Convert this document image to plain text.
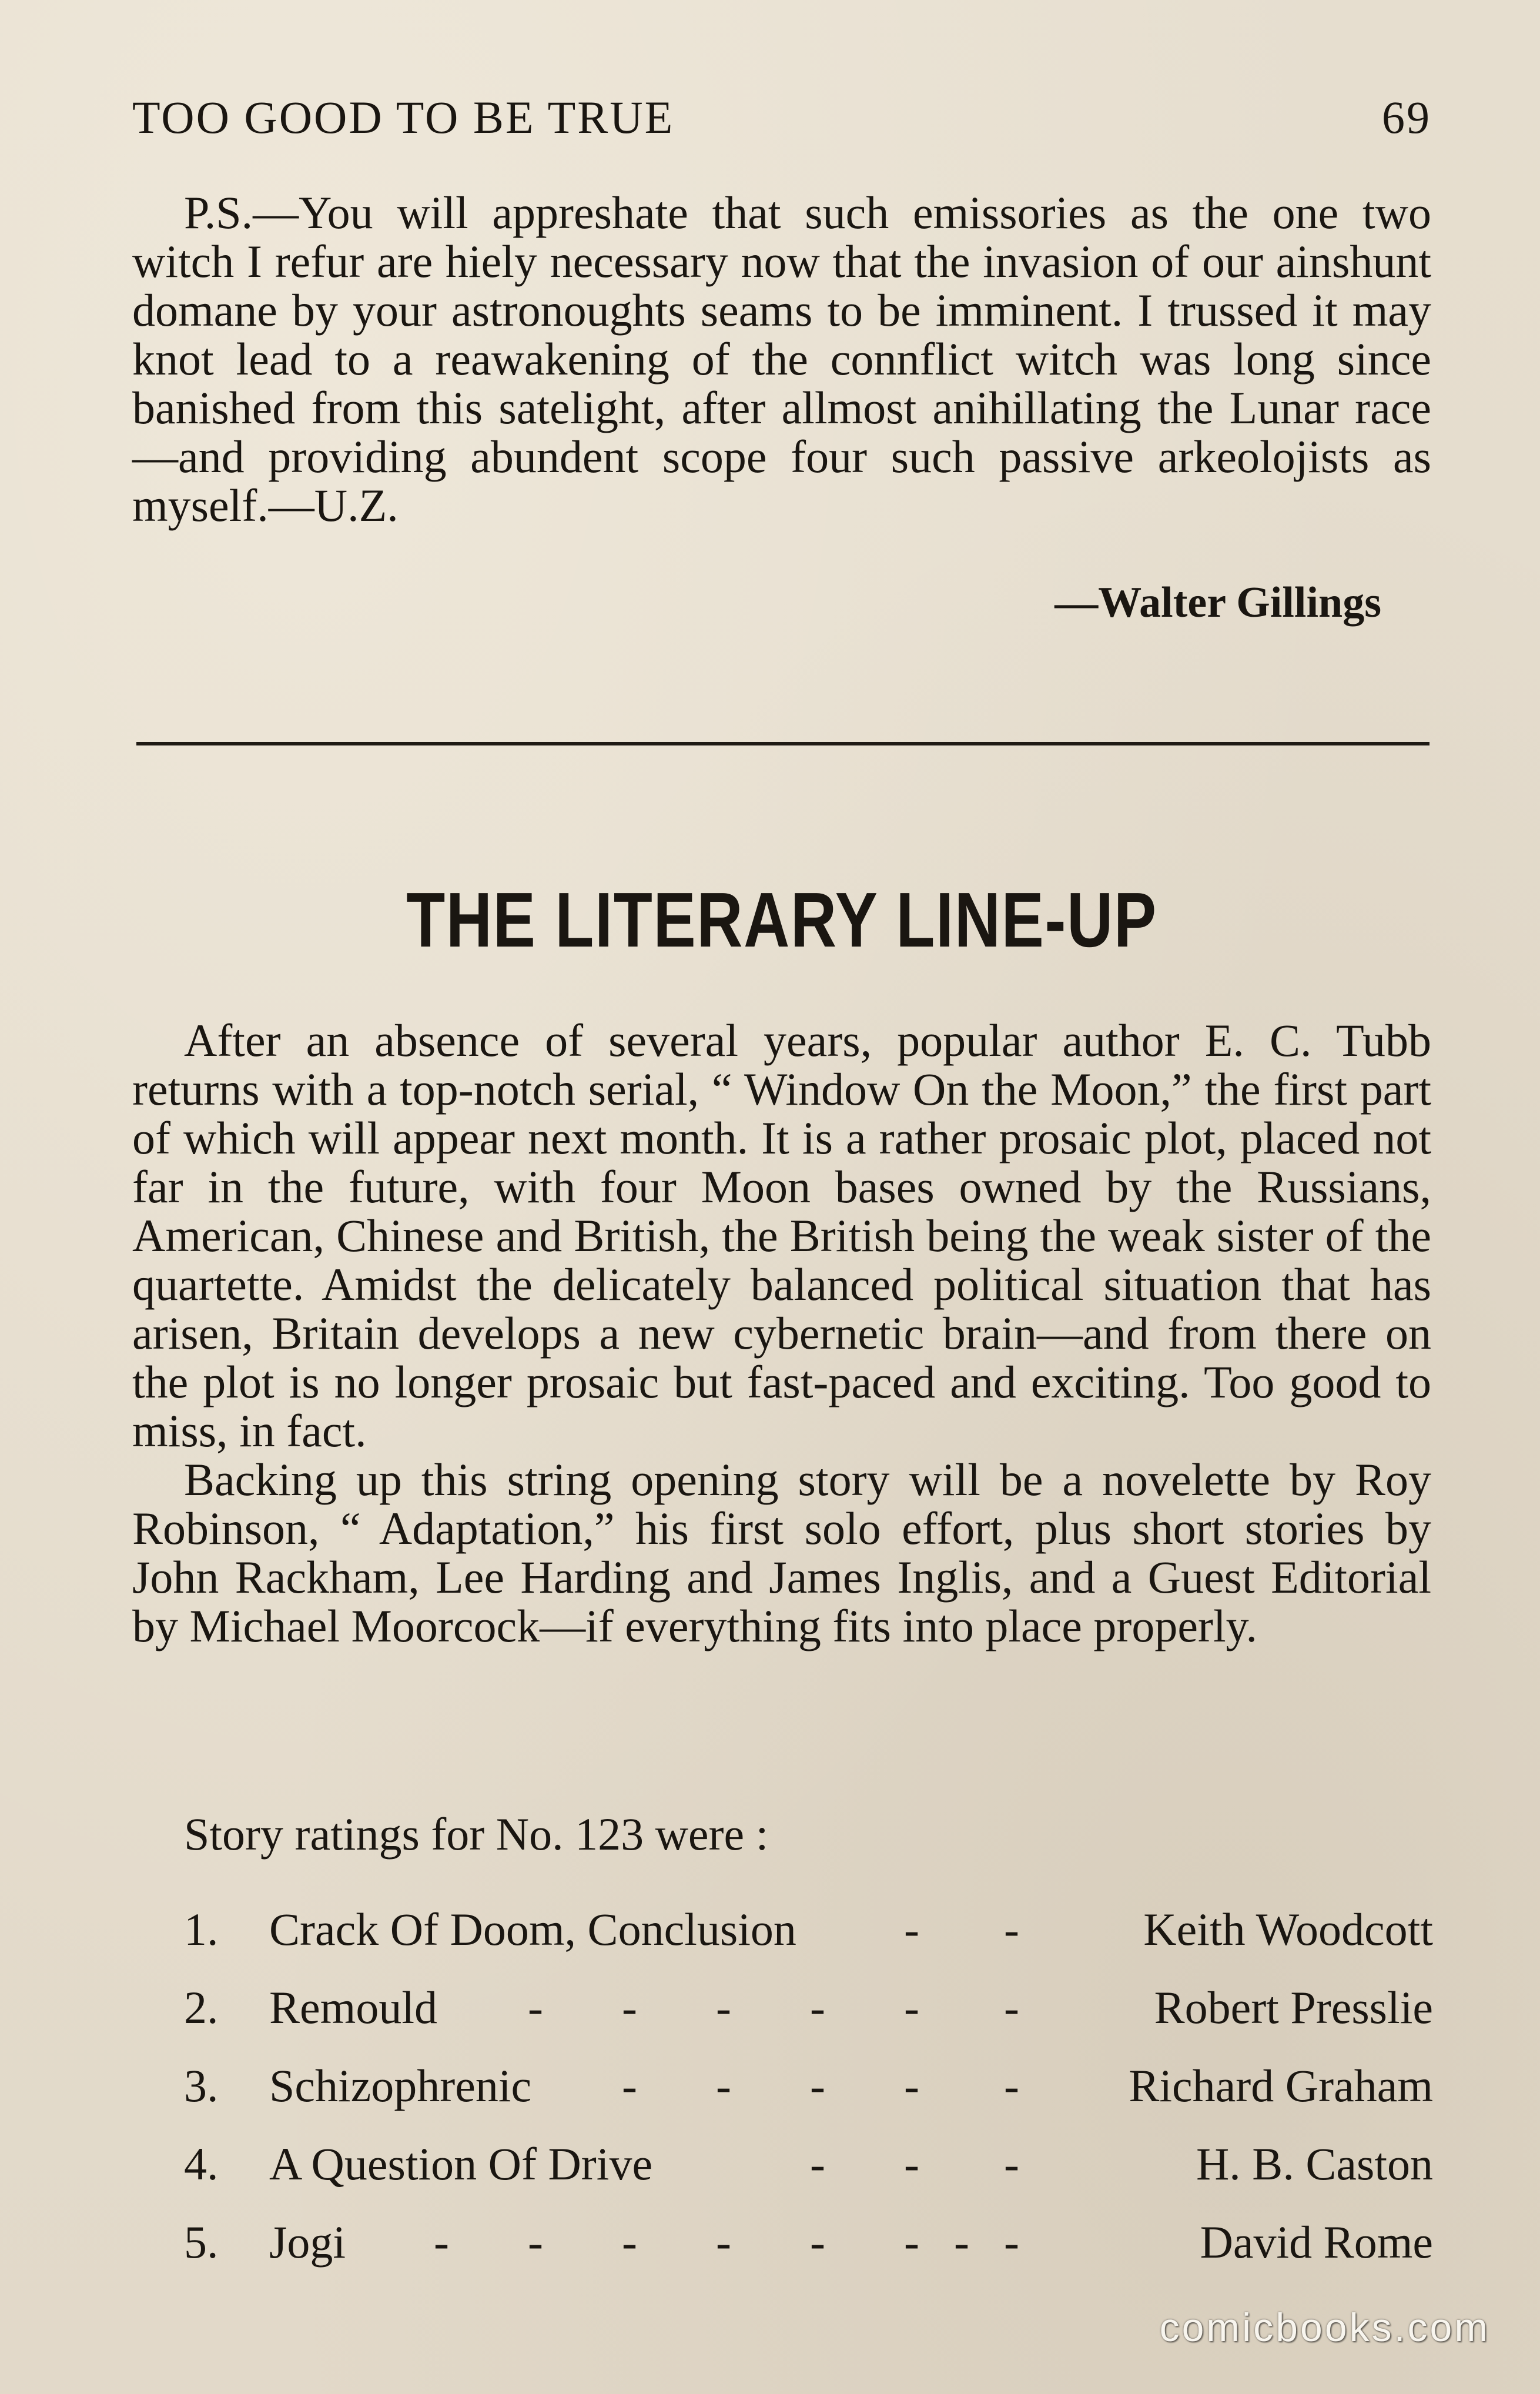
TOO GOOD TO BE TRUE	69

P.S.—You will appreshate that such emissories as the one two witch I refur are hiely necessary now that the invasion of our ainshunt domane by your astronoughts seams to be imminent. I trussed it may knot lead to a reawakening of the connflict witch was long since banished from this satelight, after allmost anihillating the Lunar race—and providing abundent scope four such passive arkeolojists as myself.—U.Z.

—Walter Gillings
THE LITERARY LINE-UP

After an absence of several years, popular author E. C. Tubb returns with a top-notch serial, “ Window On the Moon,” the first part of which will appear next month. It is a rather prosaic plot, placed not far in the future, with four Moon bases owned by the Russians, American, Chinese and British, the British being the weak sister of the quartette. Amidst the delicately balanced political situation that has arisen, Britain develops a new cybernetic brain—and from there on the plot is no longer prosaic but fast-paced and exciting. Too good to miss, in fact.

Backing up this string opening story will be a novelette by Roy Robinson, “ Adaptation,” his first solo effort, plus short stories by John Rackham, Lee Harding and James Inglis, and a Guest Editorial by Michael Moorcock—if everything fits into place properly.

Story ratings for No. 123 were :
1. Crack Of Doom, Conclusion - -	Keith Woodcott
2. Remould - - - - - -	Robert Presslie
3. Schizophrenic - - - - - Richard Graham
4. A Question Of Drive	- - -	H. B. Caston
5. Jogi - - - - - - - -	David Rome
comicbooks.com
